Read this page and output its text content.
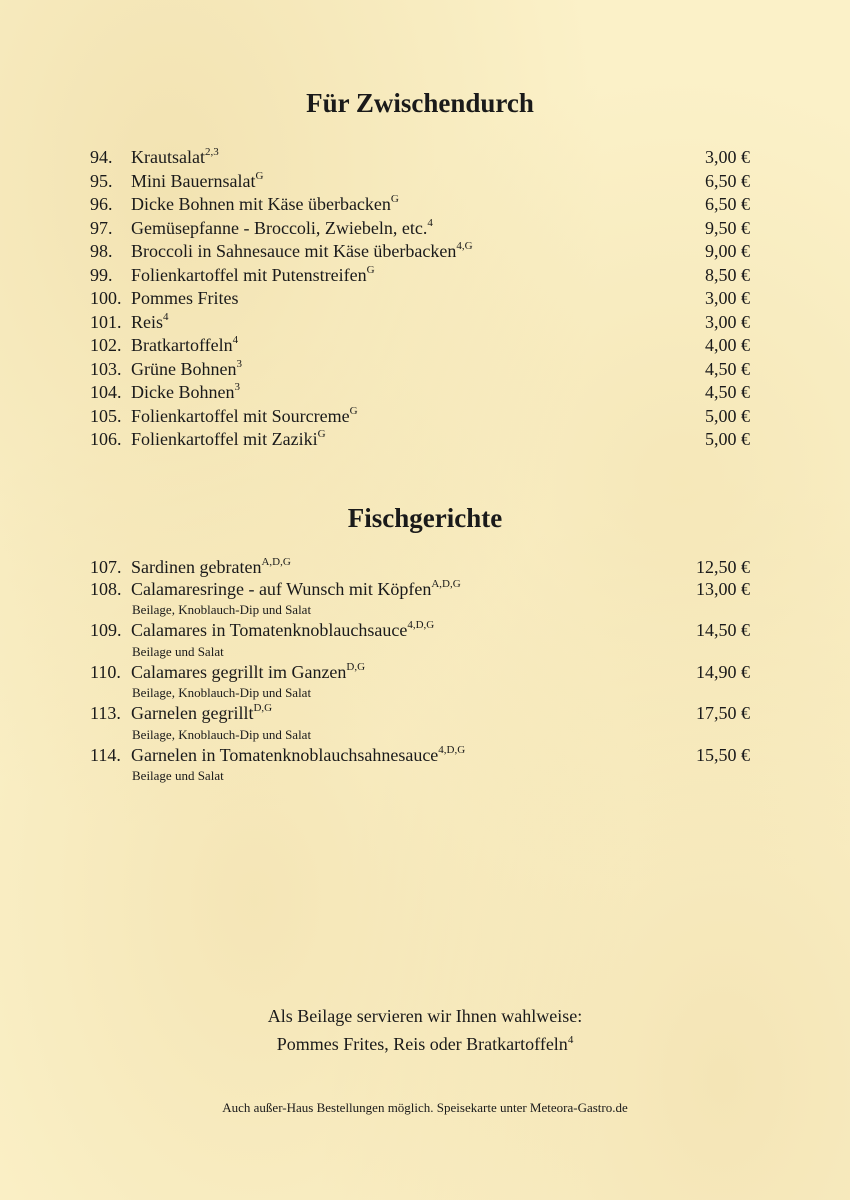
Für Zwischendurch
94.	Krautsalat$^{2,3}$	3,00 €
95.	Mini Bauernsalat$^G$	6,50 €
96.	Dicke Bohnen mit Käse überbacken$^G$	6,50 €
97.	Gemüsepfanne - Broccoli, Zwiebeln, etc.$^4$	9,50 €
98.	Broccoli in Sahnesauce mit Käse überbacken$^{4,G}$	9,00 €
99.	Folienkartoffel mit Putenstreifen$^G$	8,50 €
100. Pommes Frites	3,00 €
101. Reis$^4$	3,00 €
102. Bratkartoffeln$^4$	4,00 €
103. Grüne Bohnen$^3$	4,50 €
104. Dicke Bohnen$^3$	4,50 €
105. Folienkartoffel mit Sourcreme$^G$	5,00 €
106. Folienkartoffel mit Zaziki$^G$	5,00 €
Fischgerichte
107. Sardinen gebraten$^{A,D,G}$	12,50 €
108. Calamaresringe - auf Wunsch mit Köpfen$^{A,D,G}$	13,00 €
Beilage, Knoblauch-Dip und Salat
109. Calamares in Tomatenknoblauchsauce$^{4,D,G}$	14,50 €
Beilage und Salat
110. Calamares gegrillt im Ganzen$^{D,G}$	14,90 €
Beilage, Knoblauch-Dip und Salat
113. Garnelen gegrillt$^{D,G}$	17,50 €
Beilage, Knoblauch-Dip und Salat
114. Garnelen in Tomatenknoblauchsahnesauce$^{4,D,G}$	15,50 €
Beilage und Salat
Als Beilage servieren wir Ihnen wahlweise:
Pommes Frites, Reis oder Bratkartoffeln$^4$
Auch außer-Haus Bestellungen möglich. Speisekarte unter Meteora-Gastro.de
